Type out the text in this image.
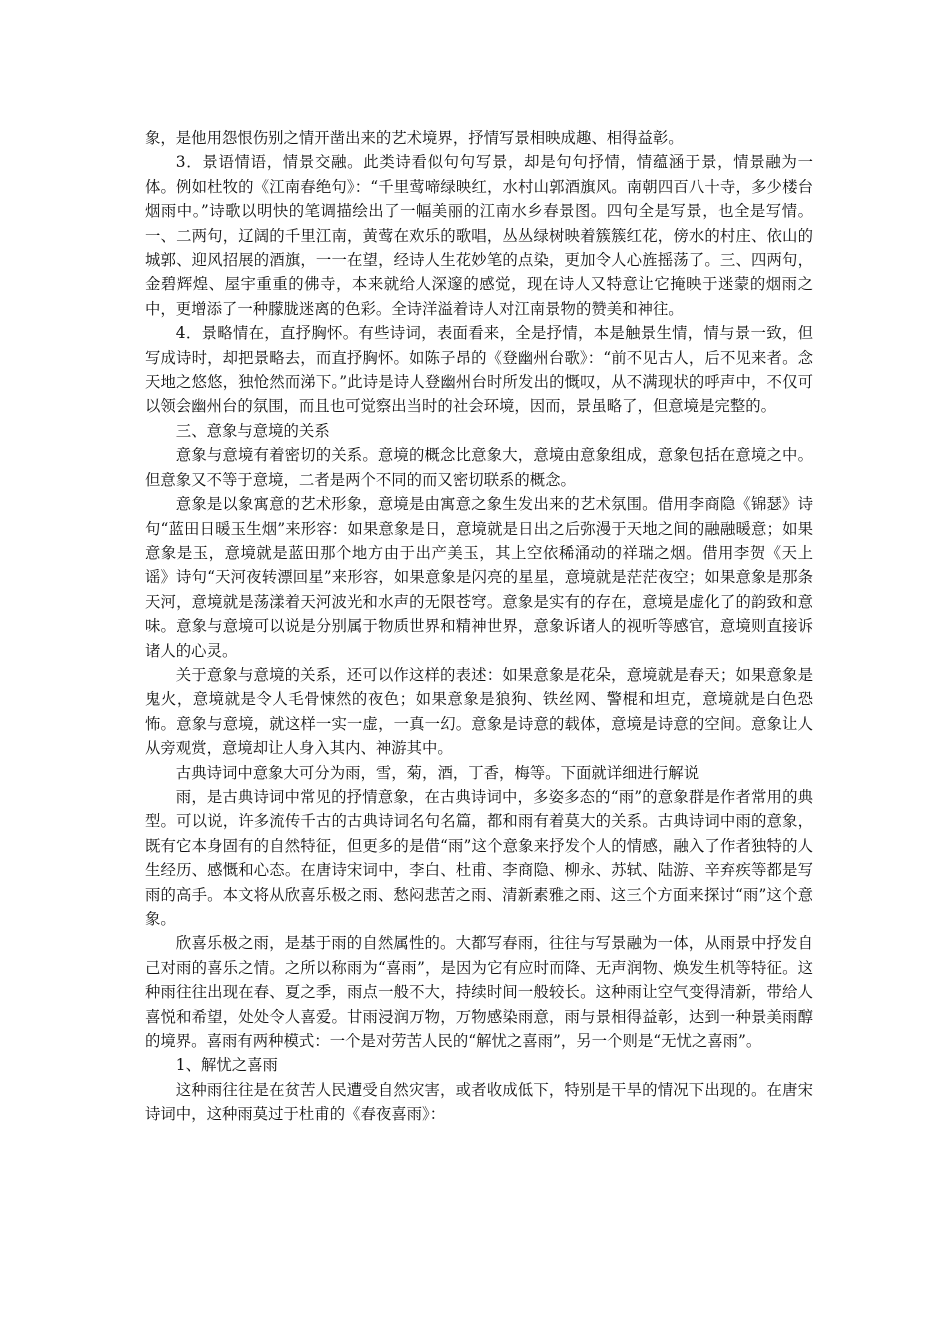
象，是他用怨恨伤别之情开凿出来的艺术境界，抒情写景相映成趣、相得益彰。

3．景语情语，情景交融。此类诗看似句句写景，却是句句抒情，情蕴涵于景，情景融为一体。例如杜牧的《江南春绝句》：“千里莺啼绿映红，水村山郭酒旗风。南朝四百八十寺，多少楼台烟雨中。”诗歌以明快的笔调描绘出了一幅美丽的江南水乡春景图。四句全是写景，也全是写情。一、二两句，辽阔的千里江南，黄莺在欢乐的歌唱，丛丛绿树映着簇簇红花，傍水的村庄、依山的城郭、迎风招展的酒旗，一一在望，经诗人生花妙笔的点染，更加令人心旌摇荡了。三、四两句，金碧辉煌、屋宇重重的佛寺，本来就给人深邃的感觉，现在诗人又特意让它掩映于迷蒙的烟雨之中，更增添了一种朦胧迷离的色彩。全诗洋溢着诗人对江南景物的赞美和神往。

4．景略情在，直抒胸怀。有些诗词，表面看来，全是抒情，本是触景生情，情与景一致，但写成诗时，却把景略去，而直抒胸怀。如陈子昂的《登幽州台歌》：“前不见古人，后不见来者。念天地之悠悠，独怆然而涕下。”此诗是诗人登幽州台时所发出的慨叹，从不满现状的呼声中，不仅可以领会幽州台的氛围，而且也可觉察出当时的社会环境，因而，景虽略了，但意境是完整的。

三、意象与意境的关系

意象与意境有着密切的关系。意境的概念比意象大，意境由意象组成，意象包括在意境之中。但意象又不等于意境，二者是两个不同的而又密切联系的概念。

意象是以象寓意的艺术形象，意境是由寓意之象生发出来的艺术氛围。借用李商隐《锦瑟》诗句“蓝田日暖玉生烟”来形容：如果意象是日，意境就是日出之后弥漫于天地之间的融融暖意；如果意象是玉，意境就是蓝田那个地方由于出产美玉，其上空依稀涌动的祥瑞之烟。借用李贺《天上谣》诗句“天河夜转漂回星”来形容，如果意象是闪亮的星星，意境就是茫茫夜空；如果意象是那条天河，意境就是荡漾着天河波光和水声的无限苍穹。意象是实有的存在，意境是虚化了的韵致和意味。意象与意境可以说是分别属于物质世界和精神世界，意象诉诸人的视听等感官，意境则直接诉诸人的心灵。

关于意象与意境的关系，还可以作这样的表述：如果意象是花朵，意境就是春天；如果意象是鬼火，意境就是令人毛骨悚然的夜色；如果意象是狼狗、铁丝网、警棍和坦克，意境就是白色恐怖。意象与意境，就这样一实一虚，一真一幻。意象是诗意的载体，意境是诗意的空间。意象让人从旁观赏，意境却让人身入其内、神游其中。

古典诗词中意象大可分为雨，雪，菊，酒，丁香，梅等。下面就详细进行解说

雨，是古典诗词中常见的抒情意象，在古典诗词中，多姿多态的“雨”的意象群是作者常用的典型。可以说，许多流传千古的古典诗词名句名篇，都和雨有着莫大的关系。古典诗词中雨的意象，既有它本身固有的自然特征，但更多的是借“雨”这个意象来抒发个人的情感，融入了作者独特的人生经历、感慨和心态。在唐诗宋词中，李白、杜甫、李商隐、柳永、苏轼、陆游、辛弃疾等都是写雨的高手。本文将从欣喜乐极之雨、愁闷悲苦之雨、清新素雅之雨、这三个方面来探讨“雨”这个意象。

欣喜乐极之雨，是基于雨的自然属性的。大都写春雨，往往与写景融为一体，从雨景中抒发自己对雨的喜乐之情。之所以称雨为“喜雨”，是因为它有应时而降、无声润物、焕发生机等特征。这种雨往往出现在春、夏之季，雨点一般不大，持续时间一般较长。这种雨让空气变得清新，带给人喜悦和希望，处处令人喜爱。甘雨浸润万物，万物感染雨意，雨与景相得益彰，达到一种景美雨醇的境界。喜雨有两种模式：一个是对劳苦人民的“解忧之喜雨”，另一个则是“无忧之喜雨”。

1、解忧之喜雨

这种雨往往是在贫苦人民遭受自然灾害，或者收成低下，特别是干旱的情况下出现的。在唐宋诗词中，这种雨莫过于杜甫的《春夜喜雨》：
